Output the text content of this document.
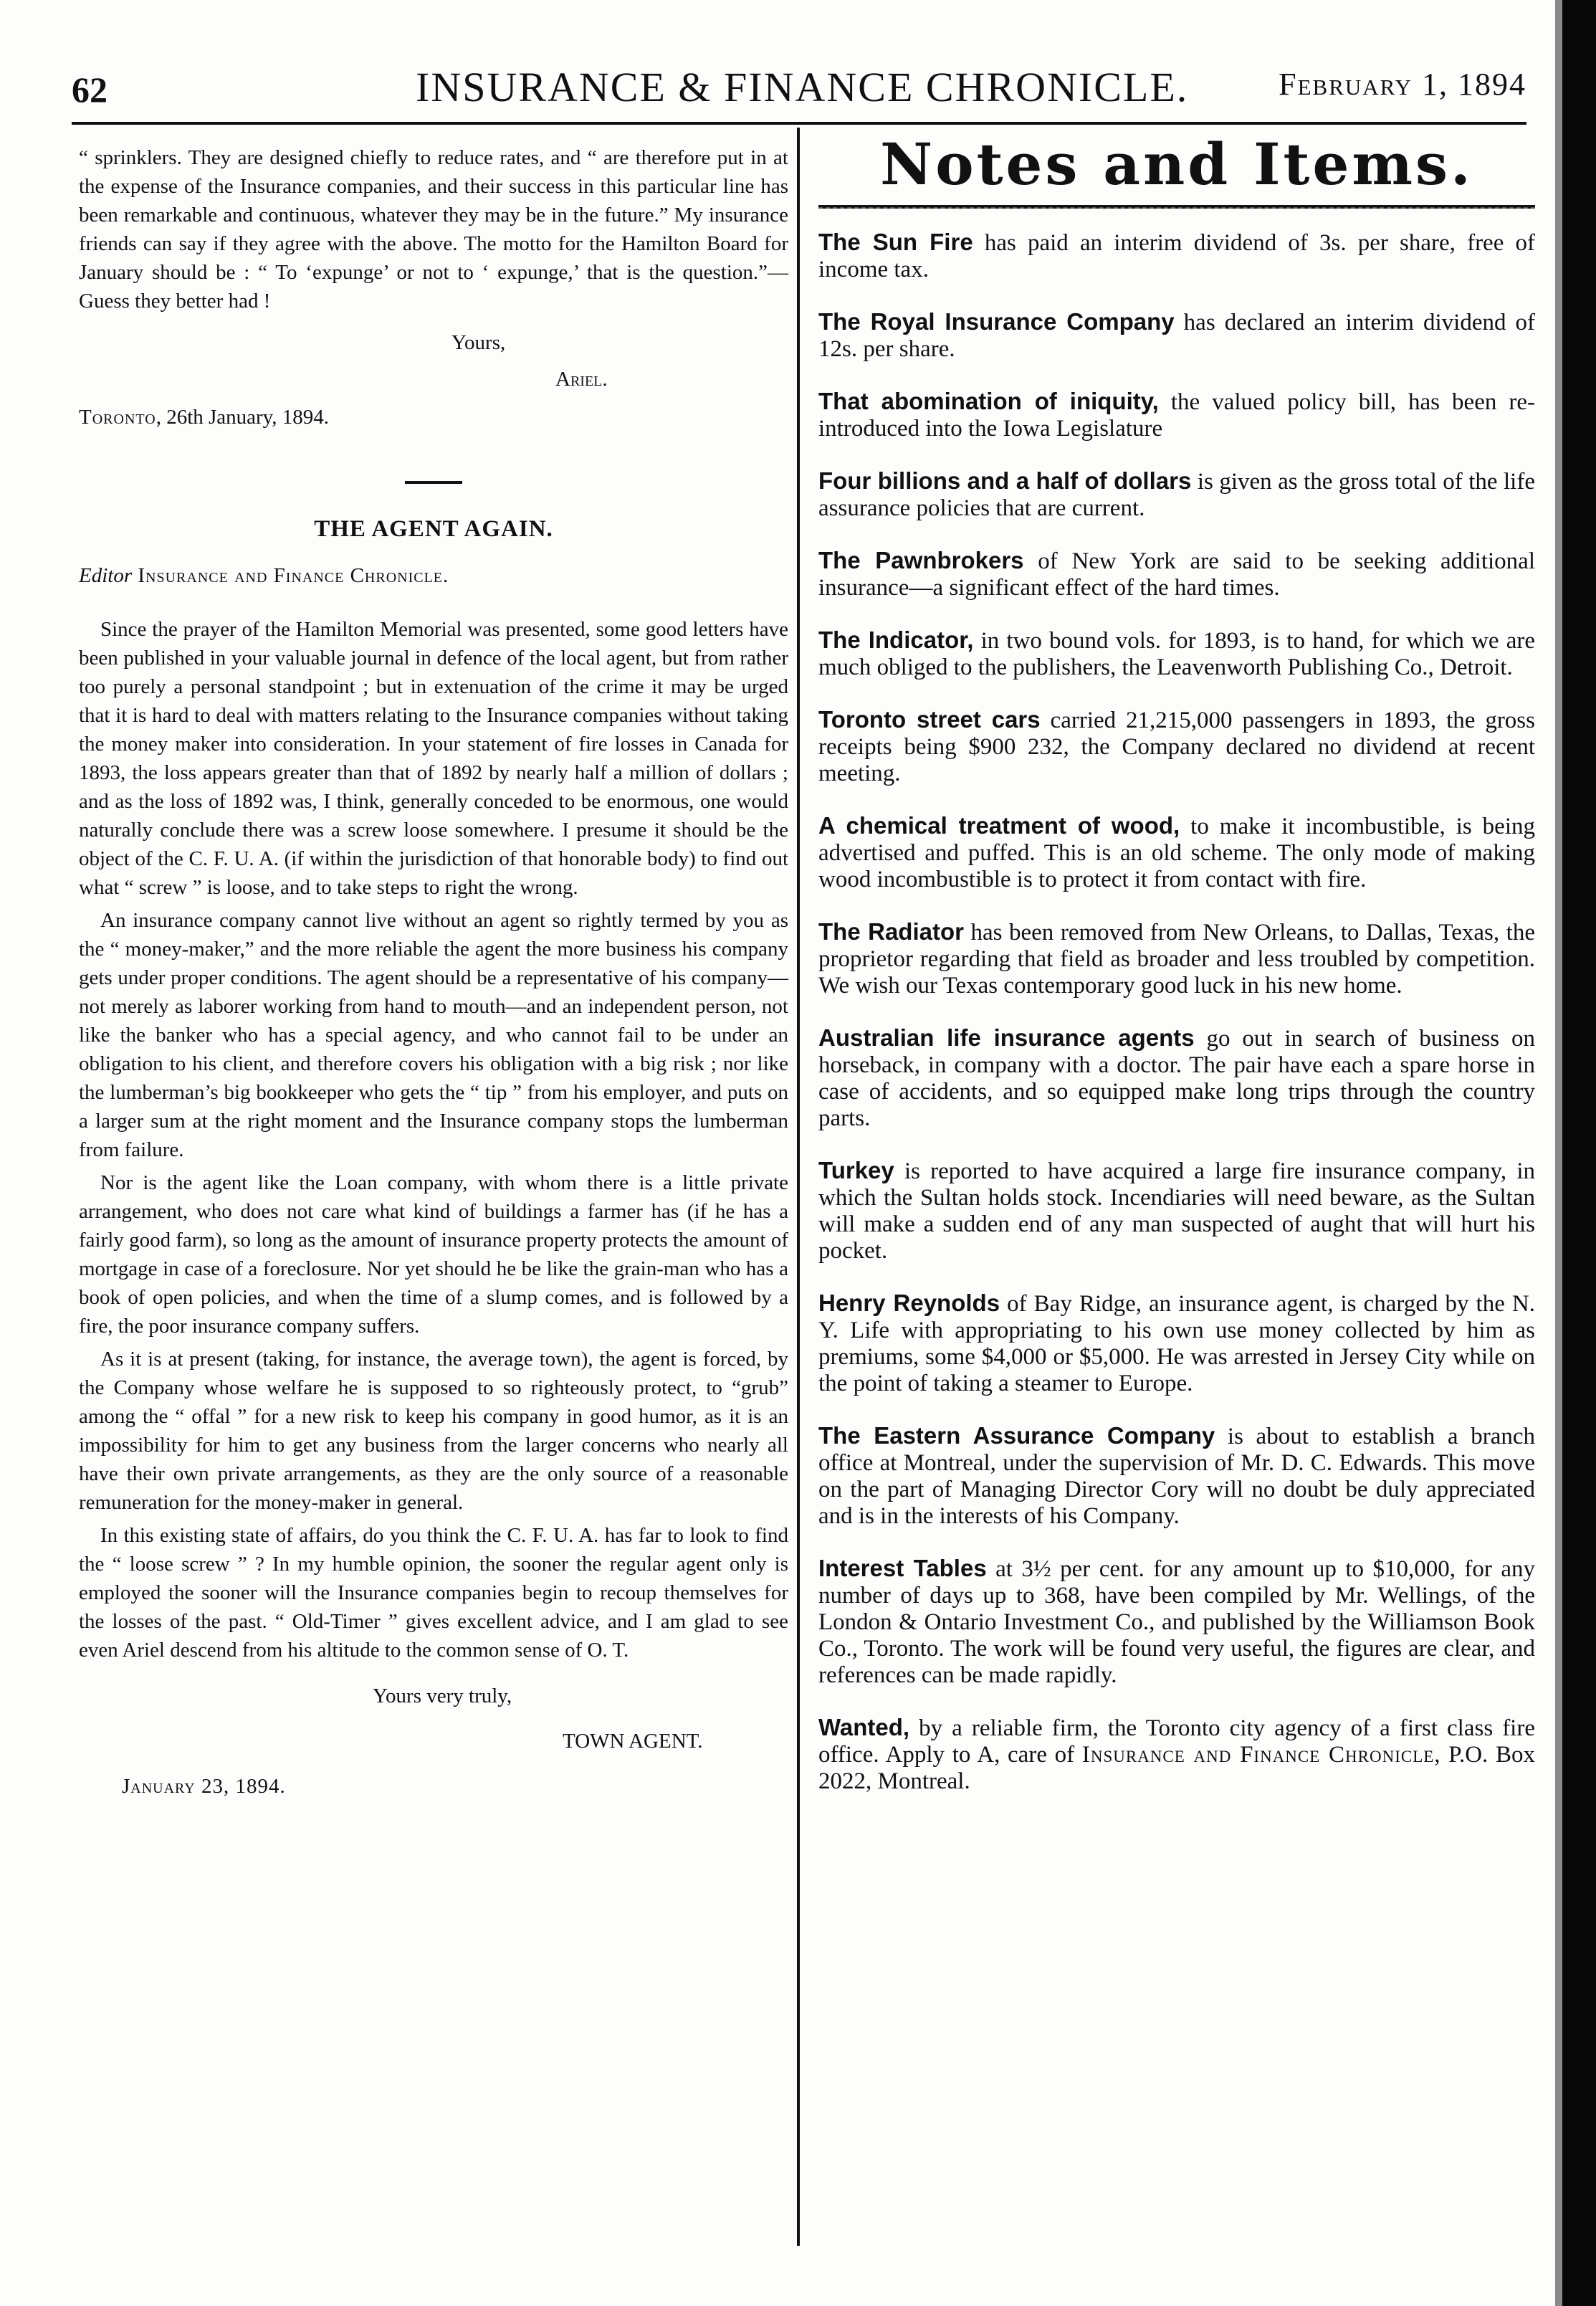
62	INSURANCE & FINANCE CHRONICLE.	February 1, 1894

“ sprinklers. They are designed chiefly to reduce rates, and “ are therefore put in at the expense of the Insurance companies, and their success in this particular line has been remarkable and continuous, whatever they may be in the future.” My insurance friends can say if they agree with the above. The motto for the Hamilton Board for January should be : “ To ‘expunge’ or not to ‘ expunge,’ that is the question.”—Guess they better had !

Yours,

Ariel.

Toronto, 26th January, 1894.

THE AGENT AGAIN.

Editor Insurance and Finance Chronicle.

Since the prayer of the Hamilton Memorial was presented, some good letters have been published in your valuable journal in defence of the local agent, but from rather too purely a personal standpoint ; but in extenuation of the crime it may be urged that it is hard to deal with matters relating to the Insurance companies without taking the money maker into consideration. In your statement of fire losses in Canada for 1893, the loss appears greater than that of 1892 by nearly half a million of dollars ; and as the loss of 1892 was, I think, generally conceded to be enormous, one would naturally conclude there was a screw loose somewhere. I presume it should be the object of the C. F. U. A. (if within the jurisdiction of that honorable body) to find out what “ screw ” is loose, and to take steps to right the wrong.

An insurance company cannot live without an agent so rightly termed by you as the “ money-maker,” and the more reliable the agent the more business his company gets under proper conditions. The agent should be a representative of his company—not merely as laborer working from hand to mouth—and an independent person, not like the banker who has a special agency, and who cannot fail to be under an obligation to his client, and therefore covers his obligation with a big risk ; nor like the lumberman’s big bookkeeper who gets the “ tip ” from his employer, and puts on a larger sum at the right moment and the Insurance company stops the lumberman from failure.

Nor is the agent like the Loan company, with whom there is a little private arrangement, who does not care what kind of buildings a farmer has (if he has a fairly good farm), so long as the amount of insurance property protects the amount of mortgage in case of a foreclosure. Nor yet should he be like the grain-man who has a book of open policies, and when the time of a slump comes, and is followed by a fire, the poor insurance company suffers.

As it is at present (taking, for instance, the average town), the agent is forced, by the Company whose welfare he is supposed to so righteously protect, to “grub” among the “ offal ” for a new risk to keep his company in good humor, as it is an impossibility for him to get any business from the larger concerns who nearly all have their own private arrangements, as they are the only source of a reasonable remuneration for the money-maker in general.

In this existing state of affairs, do you think the C. F. U. A. has far to look to find the “ loose screw ” ? In my humble opinion, the sooner the regular agent only is employed the sooner will the Insurance companies begin to recoup themselves for the losses of the past. “ Old-Timer ” gives excellent advice, and I am glad to see even Ariel descend from his altitude to the common sense of O. T.

Yours very truly,

TOWN AGENT.

January 23, 1894.

Notes and Items.

The Sun Fire has paid an interim dividend of 3s. per share, free of income tax.

The Royal Insurance Company has declared an interim dividend of 12s. per share.

That abomination of iniquity, the valued policy bill, has been re-introduced into the Iowa Legislature

Four billions and a half of dollars is given as the gross total of the life assurance policies that are current.

The Pawnbrokers of New York are said to be seeking additional insurance—a significant effect of the hard times.

The Indicator, in two bound vols. for 1893, is to hand, for which we are much obliged to the publishers, the Leavenworth Publishing Co., Detroit.

Toronto street cars carried 21,215,000 passengers in 1893, the gross receipts being $900 232, the Company declared no dividend at recent meeting.

A chemical treatment of wood, to make it incombustible, is being advertised and puffed. This is an old scheme. The only mode of making wood incombustible is to protect it from contact with fire.

The Radiator has been removed from New Orleans, to Dallas, Texas, the proprietor regarding that field as broader and less troubled by competition. We wish our Texas contemporary good luck in his new home.

Australian life insurance agents go out in search of business on horseback, in company with a doctor. The pair have each a spare horse in case of accidents, and so equipped make long trips through the country parts.

Turkey is reported to have acquired a large fire insurance company, in which the Sultan holds stock. Incendiaries will need beware, as the Sultan will make a sudden end of any man suspected of aught that will hurt his pocket.

Henry Reynolds of Bay Ridge, an insurance agent, is charged by the N. Y. Life with appropriating to his own use money collected by him as premiums, some $4,000 or $5,000. He was arrested in Jersey City while on the point of taking a steamer to Europe.

The Eastern Assurance Company is about to establish a branch office at Montreal, under the supervision of Mr. D. C. Edwards. This move on the part of Managing Director Cory will no doubt be duly appreciated and is in the interests of his Company.

Interest Tables at 3½ per cent. for any amount up to $10,000, for any number of days up to 368, have been compiled by Mr. Wellings, of the London & Ontario Investment Co., and published by the Williamson Book Co., Toronto. The work will be found very useful, the figures are clear, and references can be made rapidly.

Wanted, by a reliable firm, the Toronto city agency of a first class fire office. Apply to A, care of Insurance and Finance Chronicle, P.O. Box 2022, Montreal.
